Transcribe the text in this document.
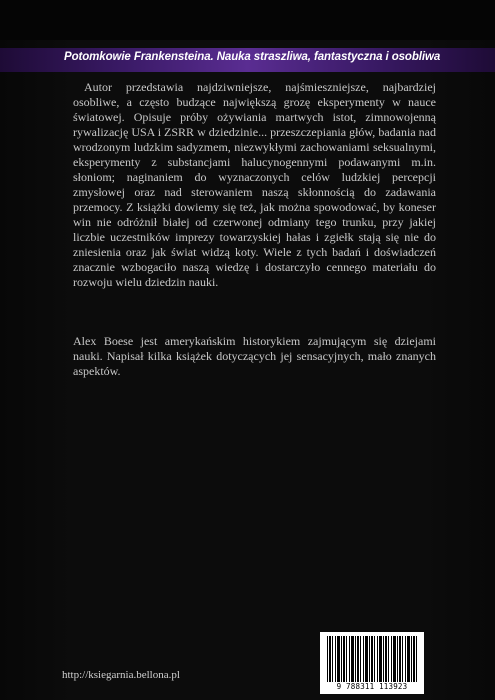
Potomkowie Frankensteina. Nauka straszliwa, fantastyczna i osobliwa

Autor przedstawia najdziwniejsze, najśmieszniejsze, najbardziej osobliwe, a często budzące największą grozę eksperymenty w nauce światowej. Opisuje próby ożywiania martwych istot, zimnowojenną rywalizację USA i ZSRR w dziedzinie... przeszczepiania głów, badania nad wrodzonym ludzkim sadyzmem, niezwykłymi zachowaniami seksualnymi, eksperymenty z substancjami halucynogennymi podawanymi m.in. słoniom; naginaniem do wyznaczonych celów ludzkiej percepcji zmysłowej oraz nad sterowaniem naszą skłonnością do zadawania przemocy. Z książki dowiemy się też, jak można spowodować, by koneser win nie odróżnił białej od czerwonej odmiany tego trunku, przy jakiej liczbie uczestników imprezy towarzyskiej hałas i zgiełk stają się nie do zniesienia oraz jak świat widzą koty. Wiele z tych badań i doświadczeń znacznie wzbogaciło naszą wiedzę i dostarczyło cennego materiału do rozwoju wielu dziedzin nauki.

Alex Boese jest amerykańskim historykiem zajmującym się dziejami nauki. Napisał kilka książek dotyczących jej sensacyjnych, mało znanych aspektów.

http://ksiegarnia.bellona.pl
9 788311 113923
